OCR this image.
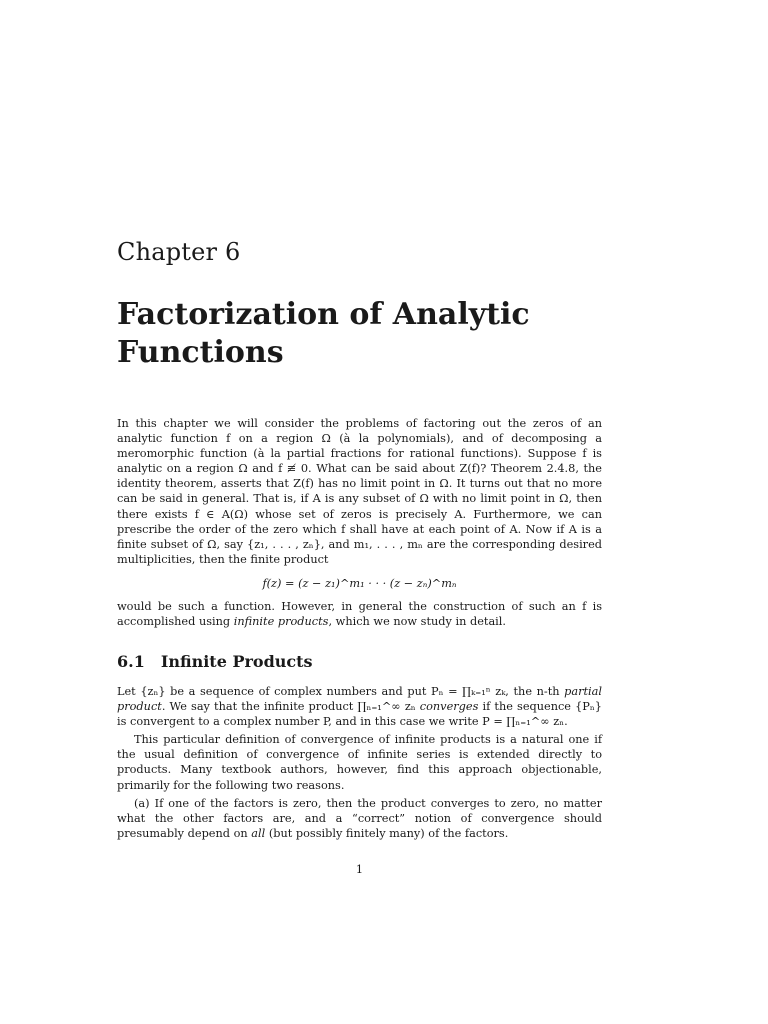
Chapter 6
Factorization of Analytic Functions

In this chapter we will consider the problems of factoring out the zeros of an analytic function f on a region Ω (à la polynomials), and of decomposing a meromorphic function (à la partial fractions for rational functions). Suppose f is analytic on a region Ω and f ≢ 0. What can be said about Z(f)? Theorem 2.4.8, the identity theorem, asserts that Z(f) has no limit point in Ω. It turns out that no more can be said in general. That is, if A is any subset of Ω with no limit point in Ω, then there exists f ∈ A(Ω) whose set of zeros is precisely A. Furthermore, we can prescribe the order of the zero which f shall have at each point of A. Now if A is a finite subset of Ω, say {z₁, . . . , zₙ}, and m₁, . . . , mₙ are the corresponding desired multiplicities, then the finite product

f(z) = (z − z₁)^m₁ · · · (z − zₙ)^mₙ

would be such a function. However, in general the construction of such an f is accomplished using infinite products, which we now study in detail.

6.1 Infinite Products

Let {zₙ} be a sequence of complex numbers and put Pₙ = ∏ₖ₌₁ⁿ zₖ, the n-th partial product. We say that the infinite product ∏ₙ₌₁^∞ zₙ converges if the sequence {Pₙ} is convergent to a complex number P, and in this case we write P = ∏ₙ₌₁^∞ zₙ.

This particular definition of convergence of infinite products is a natural one if the usual definition of convergence of infinite series is extended directly to products. Many textbook authors, however, find this approach objectionable, primarily for the following two reasons.

(a) If one of the factors is zero, then the product converges to zero, no matter what the other factors are, and a “correct” notion of convergence should presumably depend on all (but possibly finitely many) of the factors.

1
